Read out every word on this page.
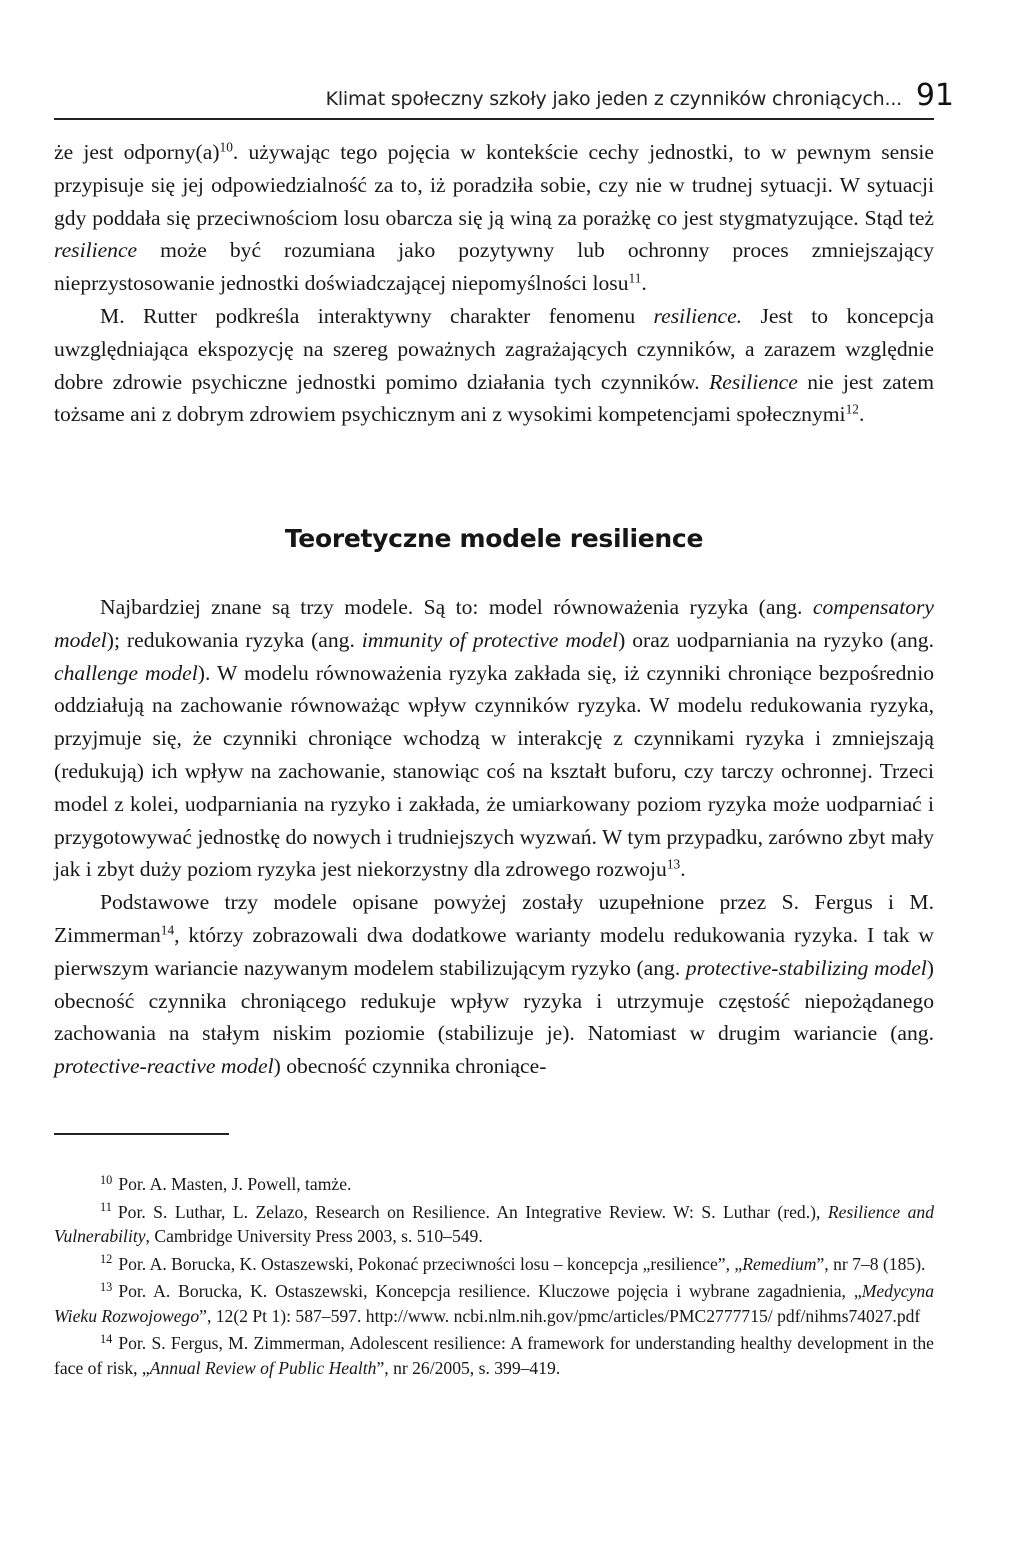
Klimat społeczny szkoły jako jeden z czynników chroniących... 91

że jest $odporny(a)^{10}$. używając tego pojęcia w kontekście cechy jednostki, to w pewnym sensie przypisuje się jej odpowiedzialność za to, iż poradziła sobie, czy nie w trudnej sytuacji. W sytuacji gdy poddała się przeciwnościom losu obarcza się ją winą za porażkę co jest stygmatyzujące. Stąd też resilience może być rozumiana jako pozytywny lub ochronny proces zmniejszający nieprzystosowanie jednostki doświadczającej niepomyślności losu$^{11}$.

M. Rutter podkreśla interaktywny charakter fenomenu resilience. Jest to koncepcja uwzględniająca ekspozycję na szereg poważnych zagrażających czynników, a zarazem względnie dobre zdrowie psychiczne jednostki pomimo działania tych czynników. Resilience nie jest zatem tożsame ani z dobrym zdrowiem psychicznym ani z wysokimi kompetencjami społecznymi$^{12}$.

Teoretyczne modele resilience

Najbardziej znane są trzy modele. Są to: model równoważenia ryzyka (ang. compensatory model); redukowania ryzyka (ang. immunity of protective model) oraz uodparniania na ryzyko (ang. challenge model). W modelu równoważenia ryzyka zakłada się, iż czynniki chroniące bezpośrednio oddziałują na zachowanie równoważąc wpływ czynników ryzyka. W modelu redukowania ryzyka, przyjmuje się, że czynniki chroniące wchodzą w interakcję z czynnikami ryzyka i zmniejszają (redukują) ich wpływ na zachowanie, stanowiąc coś na kształt buforu, czy tarczy ochronnej. Trzeci model z kolei, uodparniania na ryzyko i zakłada, że umiarkowany poziom ryzyka może uodparniać i przygotowywać jednostkę do nowych i trudniejszych wyzwań. W tym przypadku, zarówno zbyt mały jak i zbyt duży poziom ryzyka jest niekorzystny dla zdrowego rozwoju$^{13}$.

Podstawowe trzy modele opisane powyżej zostały uzupełnione przez S. Fergus i M. Zimmerman$^{14}$, którzy zobrazowali dwa dodatkowe warianty modelu redukowania ryzyka. I tak w pierwszym wariancie nazywanym modelem stabilizującym ryzyko (ang. protective-stabilizing model) obecność czynnika chroniącego redukuje wpływ ryzyka i utrzymuje częstość niepożądanego zachowania na stałym niskim poziomie (stabilizuje je). Natomiast w drugim wariancie (ang. protective-reactive model) obecność czynnika chroniące-

$^{10}$ Por. A. Masten, J. Powell, tamże.

$^{11}$ Por. S. Luthar, L. Zelazo, Research on Resilience. An Integrative Review. W: S. Luthar (red.), Resilience and Vulnerability, Cambridge University Press 2003, s. 510–549.

$^{12}$ Por. A. Borucka, K. Ostaszewski, Pokonać przeciwności losu – koncepcja „resilience”, „Remedium”, nr 7–8 (185).

$^{13}$ Por. A. Borucka, K. Ostaszewski, Koncepcja resilience. Kluczowe pojęcia i wybrane zagadnienia, „Medycyna Wieku Rozwojowego”, 12(2 Pt 1): 587–597. http://www. ncbi.nlm.nih.gov/pmc/articles/PMC2777715/ pdf/nihms74027.pdf

$^{14}$ Por. S. Fergus, M. Zimmerman, Adolescent resilience: A framework for understanding healthy development in the face of risk, „Annual Review of Public Health”, nr 26/2005, s. 399–419.
